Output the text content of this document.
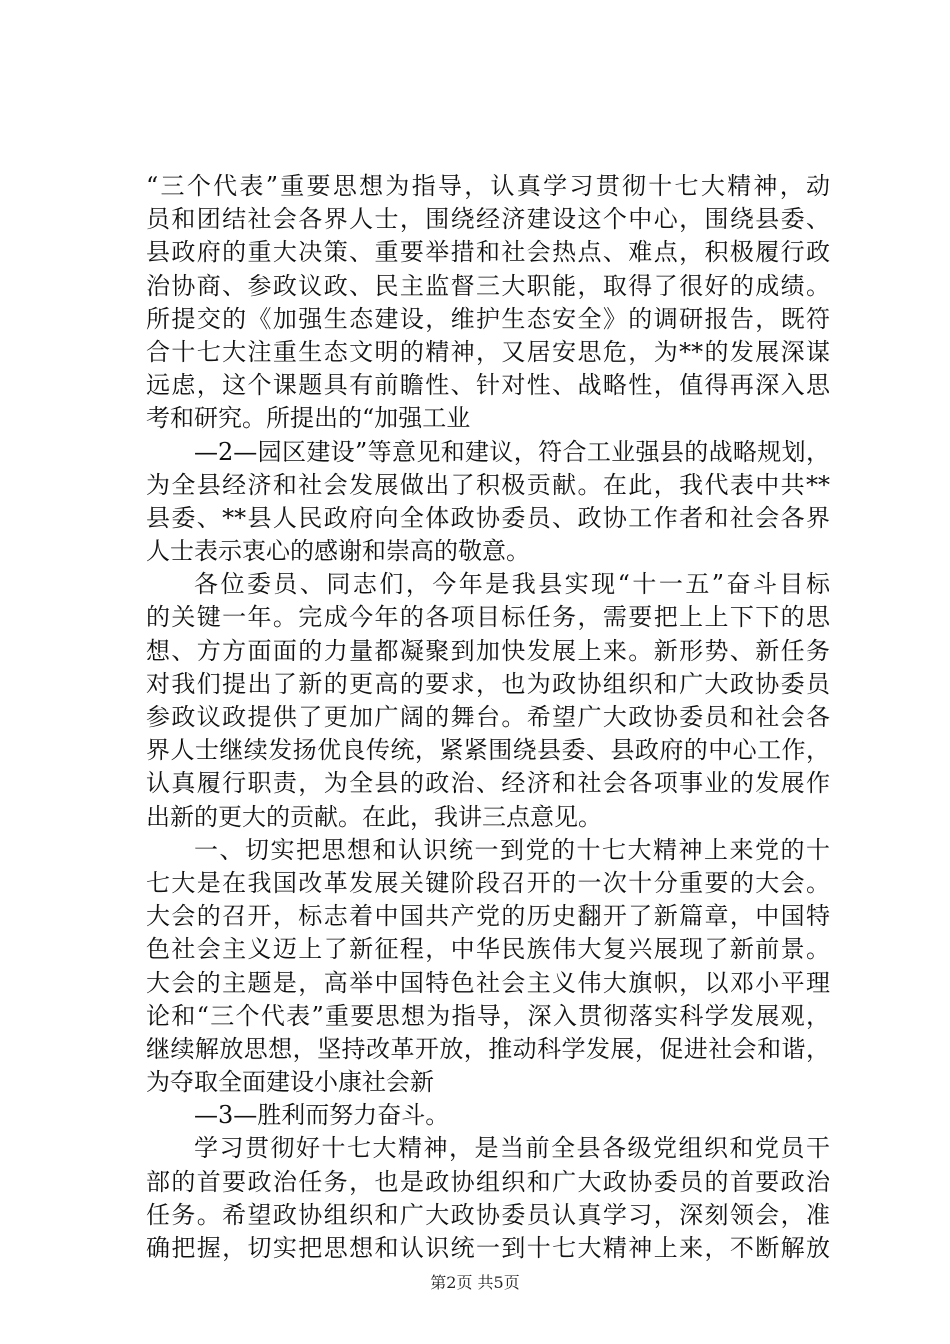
“三个代表”重要思想为指导，认真学习贯彻十七大精神，动
员和团结社会各界人士，围绕经济建设这个中心，围绕县委、
县政府的重大决策、重要举措和社会热点、难点，积极履行政
治协商、参政议政、民主监督三大职能，取得了很好的成绩。
所提交的《加强生态建设，维护生态安全》的调研报告，既符
合十七大注重生态文明的精神，又居安思危，为**的发展深谋
远虑，这个课题具有前瞻性、针对性、战略性，值得再深入思
考和研究。所提出的“加强工业
—2—园区建设”等意见和建议，符合工业强县的战略规划，
为全县经济和社会发展做出了积极贡献。在此，我代表中共**
县委、**县人民政府向全体政协委员、政协工作者和社会各界
人士表示衷心的感谢和崇高的敬意。
各位委员、同志们，今年是我县实现“十一五”奋斗目标
的关键一年。完成今年的各项目标任务，需要把上上下下的思
想、方方面面的力量都凝聚到加快发展上来。新形势、新任务
对我们提出了新的更高的要求，也为政协组织和广大政协委员
参政议政提供了更加广阔的舞台。希望广大政协委员和社会各
界人士继续发扬优良传统，紧紧围绕县委、县政府的中心工作，
认真履行职责，为全县的政治、经济和社会各项事业的发展作
出新的更大的贡献。在此，我讲三点意见。
一、切实把思想和认识统一到党的十七大精神上来党的十
七大是在我国改革发展关键阶段召开的一次十分重要的大会。
大会的召开，标志着中国共产党的历史翻开了新篇章，中国特
色社会主义迈上了新征程，中华民族伟大复兴展现了新前景。
大会的主题是，高举中国特色社会主义伟大旗帜，以邓小平理
论和“三个代表”重要思想为指导，深入贯彻落实科学发展观，
继续解放思想，坚持改革开放，推动科学发展，促进社会和谐，
为夺取全面建设小康社会新
—3—胜利而努力奋斗。
学习贯彻好十七大精神，是当前全县各级党组织和党员干
部的首要政治任务，也是政协组织和广大政协委员的首要政治
任务。希望政协组织和广大政协委员认真学习，深刻领会，准
确把握，切实把思想和认识统一到十七大精神上来，不断解放
第2页 共5页
